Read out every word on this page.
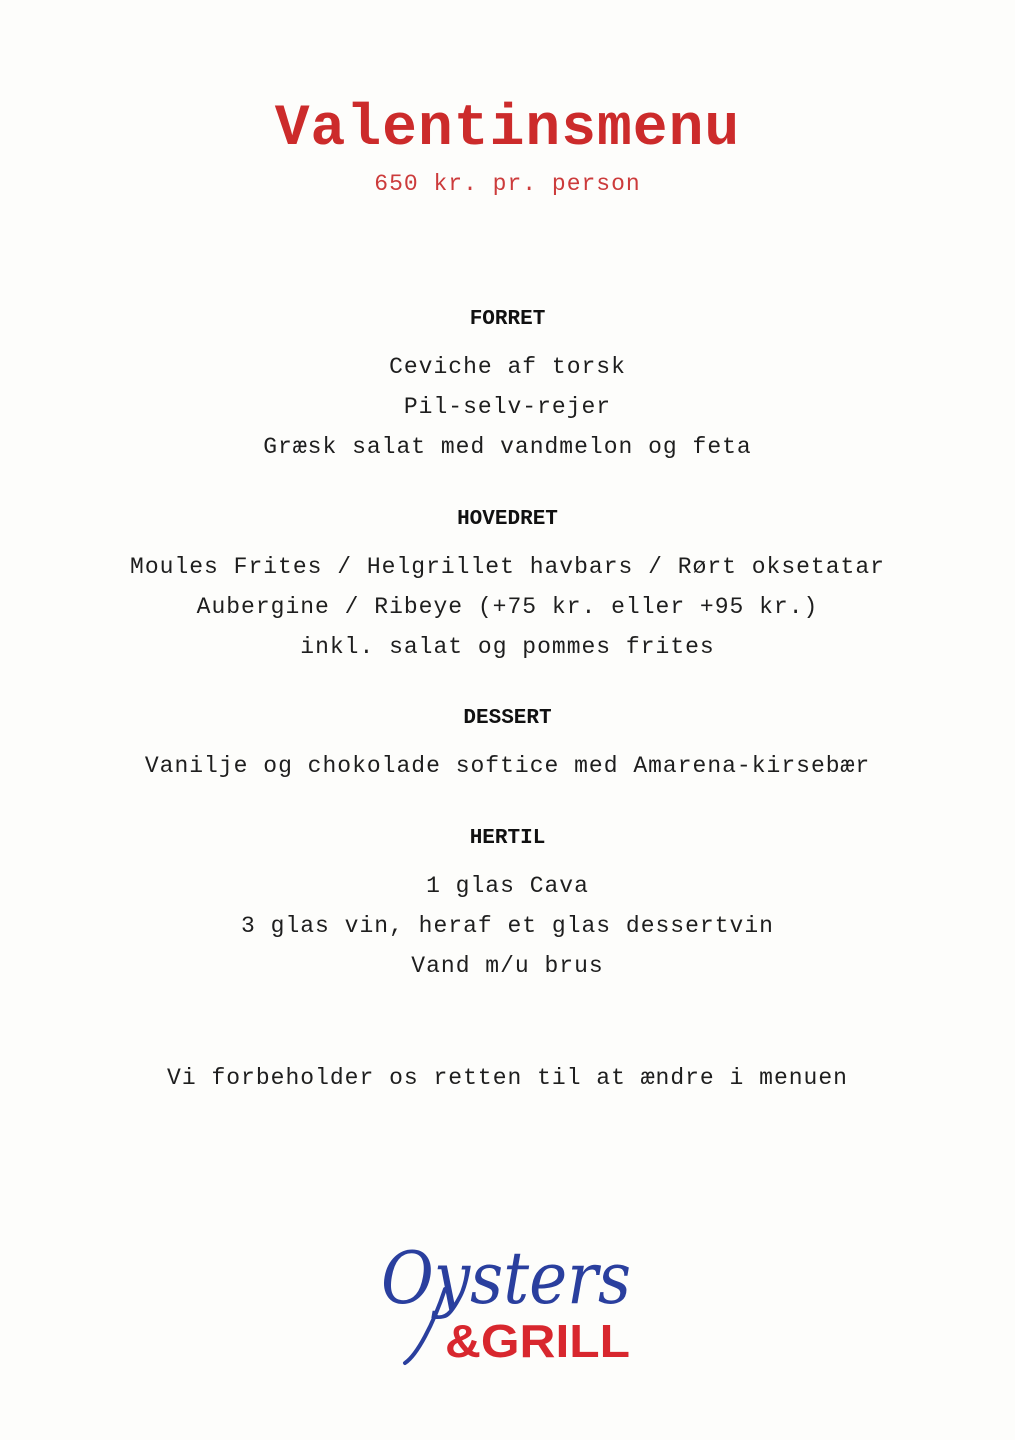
Valentinsmenu
650 kr. pr. person
FORRET
Ceviche af torsk
Pil-selv-rejer
Græsk salat med vandmelon og feta
HOVEDRET
Moules Frites / Helgrillet havbars / Rørt oksetatar
Aubergine / Ribeye (+75 kr. eller +95 kr.)
inkl. salat og pommes frites
DESSERT
Vanilje og chokolade softice med Amarena-kirsebær
HERTIL
1 glas Cava
3 glas vin, heraf et glas dessertvin
Vand m/u brus
Vi forbeholder os retten til at ændre i menuen
Oysters
&GRILL
